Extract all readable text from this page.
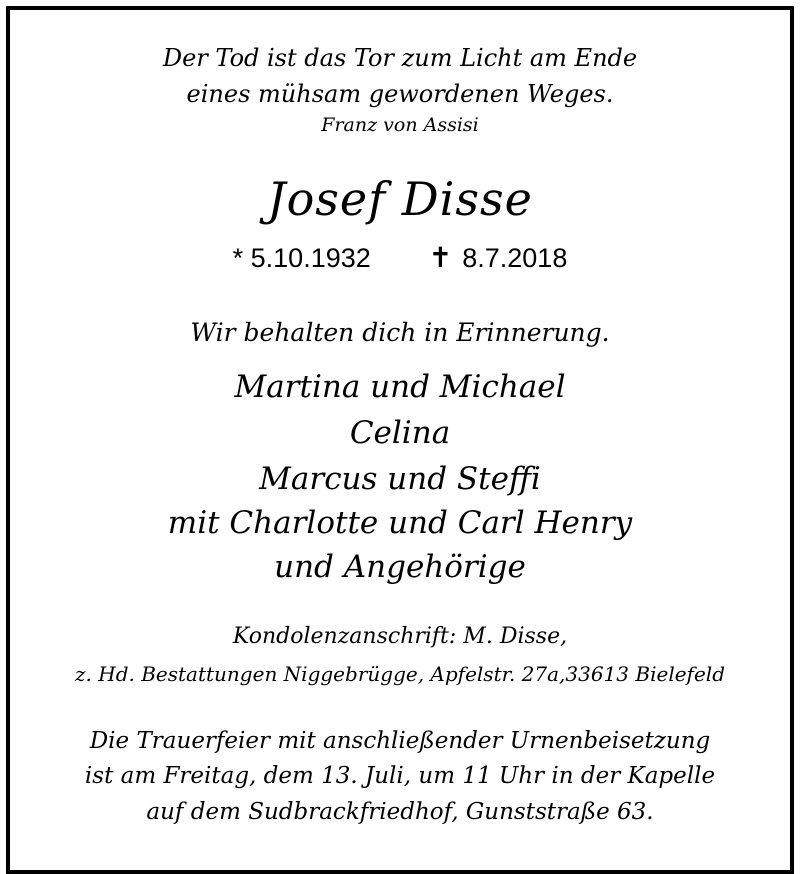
Der Tod ist das Tor zum Licht am Ende
eines mühsam gewordenen Weges.
Franz von Assisi
Josef Disse
* 5.10.1932 ✝ 8.7.2018
Wir behalten dich in Erinnerung.
Martina und Michael
Celina
Marcus und Steffi
mit Charlotte und Carl Henry
und Angehörige
Kondolenzanschrift: M. Disse,
z. Hd. Bestattungen Niggebrügge, Apfelstr. 27a,33613 Bielefeld
Die Trauerfeier mit anschließender Urnenbeisetzung
ist am Freitag, dem 13. Juli, um 11 Uhr in der Kapelle
auf dem Sudbrackfriedhof, Gunststraße 63.
